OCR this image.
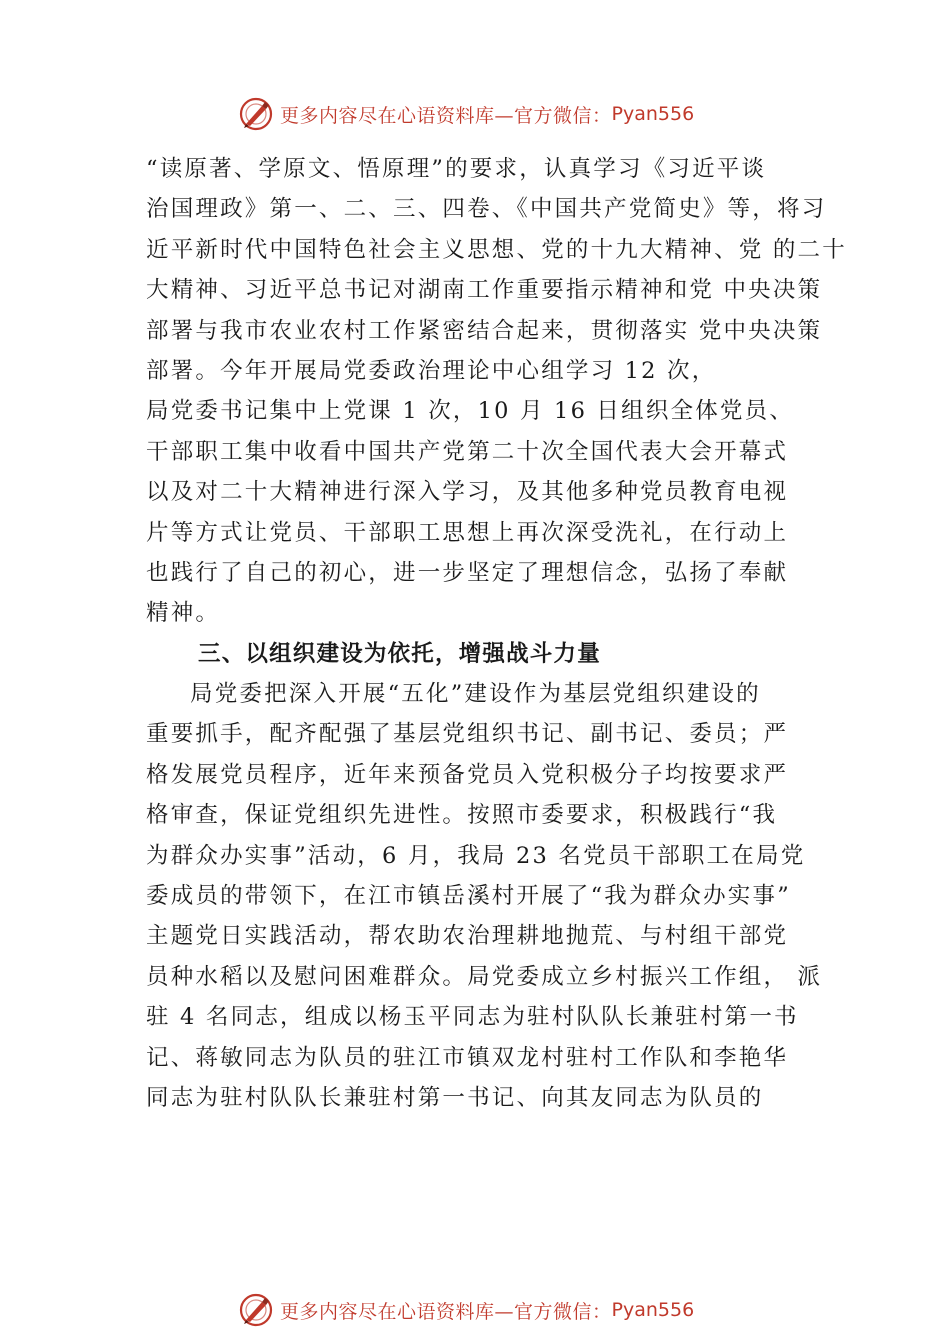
更多内容尽在心语资料库—官方微信： Pyan556
“读原著、学原文、悟原理”的要求，认真学习《习近平谈
治国理政》第一、二、三、四卷、《中国共产党简史》等，将习
近平新时代中国特色社会主义思想、党的十九大精神、党 的二十
大精神、习近平总书记对湖南工作重要指示精神和党 中央决策
部署与我市农业农村工作紧密结合起来，贯彻落实 党中央决策
部署。今年开展局党委政治理论中心组学习 12 次，
局党委书记集中上党课 1 次，10 月 16 日组织全体党员、
干部职工集中收看中国共产党第二十次全国代表大会开幕式
以及对二十大精神进行深入学习，及其他多种党员教育电视
片等方式让党员、干部职工思想上再次深受洗礼，在行动上
也践行了自己的初心，进一步坚定了理想信念，弘扬了奉献
精神。
三、以组织建设为依托，增强战斗力量
局党委把深入开展“五化”建设作为基层党组织建设的
重要抓手，配齐配强了基层党组织书记、副书记、委员；严
格发展党员程序，近年来预备党员入党积极分子均按要求严
格审查，保证党组织先进性。按照市委要求，积极践行“我
为群众办实事”活动，6 月，我局 23 名党员干部职工在局党
委成员的带领下，在江市镇岳溪村开展了“我为群众办实事”
主题党日实践活动，帮农助农治理耕地抛荒、与村组干部党
员种水稻以及慰问困难群众。局党委成立乡村振兴工作组， 派
驻 4 名同志，组成以杨玉平同志为驻村队队长兼驻村第一书
记、蒋敏同志为队员的驻江市镇双龙村驻村工作队和李艳华
同志为驻村队队长兼驻村第一书记、向其友同志为队员的
更多内容尽在心语资料库—官方微信： Pyan556
